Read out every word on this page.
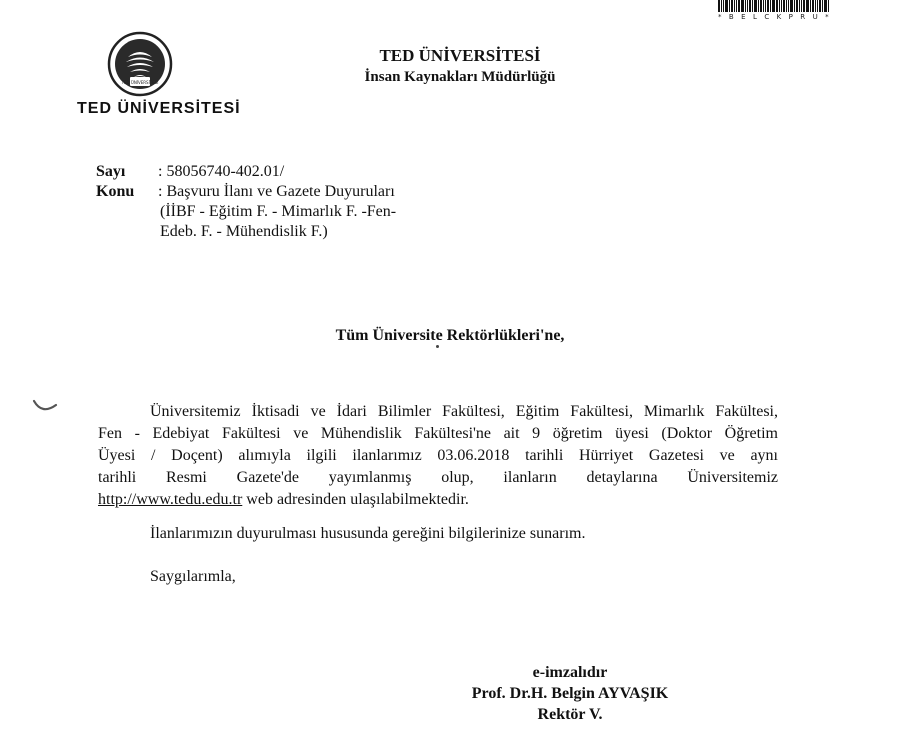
* B E L C K P R U *
TED ÜNİVERSİTESİ
TED ÜNİVERSİTESİ
TED ÜNİVERSİTESİ
İnsan Kaynakları Müdürlüğü
Sayı : 58056740-402.01/
Konu : Başvuru İlanı ve Gazete Duyuruları
(İİBF - Eğitim F. - Mimarlık F. -Fen-
Edeb. F. - Mühendislik F.)
Tüm Üniversite Rektörlükleri'ne,
Üniversitemiz İktisadi ve İdari Bilimler Fakültesi, Eğitim Fakültesi, Mimarlık Fakültesi,
Fen - Edebiyat Fakültesi ve Mühendislik Fakültesi'ne ait 9 öğretim üyesi (Doktor Öğretim
Üyesi / Doçent) alımıyla ilgili ilanlarımız 03.06.2018 tarihli Hürriyet Gazetesi ve aynı
tarihli Resmi Gazete'de yayımlanmış olup, ilanların detaylarına Üniversitemiz
http://www.tedu.edu.tr web adresinden ulaşılabilmektedir.
İlanlarımızın duyurulması hususunda gereğini bilgilerinize sunarım.
Saygılarımla,
e-imzalıdır
Prof. Dr.H. Belgin AYVAŞIK
Rektör V.
